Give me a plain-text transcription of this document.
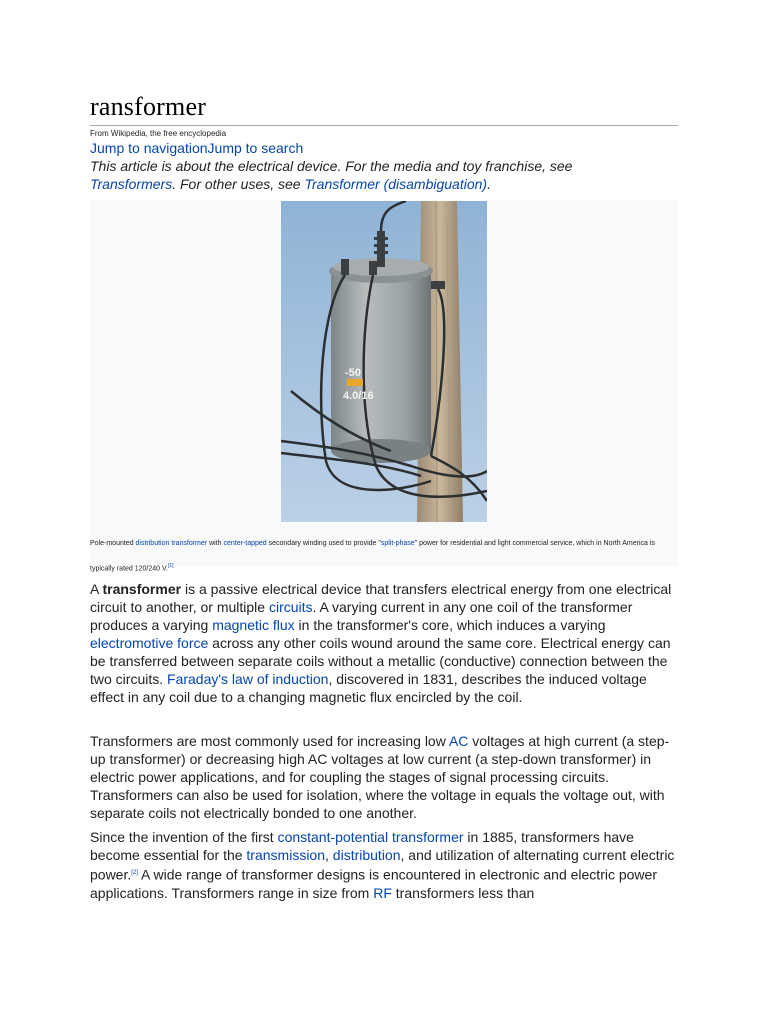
ransformer
From Wikipedia, the free encyclopedia
Jump to navigationJump to search
This article is about the electrical device. For the media and toy franchise, see Transformers. For other uses, see Transformer (disambiguation).
-50
4.0/16
Pole-mounted distribution transformer with center-tapped secondary winding used to provide "split-phase" power for residential and light commercial service, which in North America is typically rated 120/240 V.[1]
A transformer is a passive electrical device that transfers electrical energy from one electrical circuit to another, or multiple circuits. A varying current in any one coil of the transformer produces a varying magnetic flux in the transformer's core, which induces a varying electromotive force across any other coils wound around the same core. Electrical energy can be transferred between separate coils without a metallic (conductive) connection between the two circuits. Faraday's law of induction, discovered in 1831, describes the induced voltage effect in any coil due to a changing magnetic flux encircled by the coil.
Transformers are most commonly used for increasing low AC voltages at high current (a step-up transformer) or decreasing high AC voltages at low current (a step-down transformer) in electric power applications, and for coupling the stages of signal processing circuits. Transformers can also be used for isolation, where the voltage in equals the voltage out, with separate coils not electrically bonded to one another.
Since the invention of the first constant-potential transformer in 1885, transformers have become essential for the transmission, distribution, and utilization of alternating current electric power.[2] A wide range of transformer designs is encountered in electronic and electric power applications. Transformers range in size from RF transformers less than
